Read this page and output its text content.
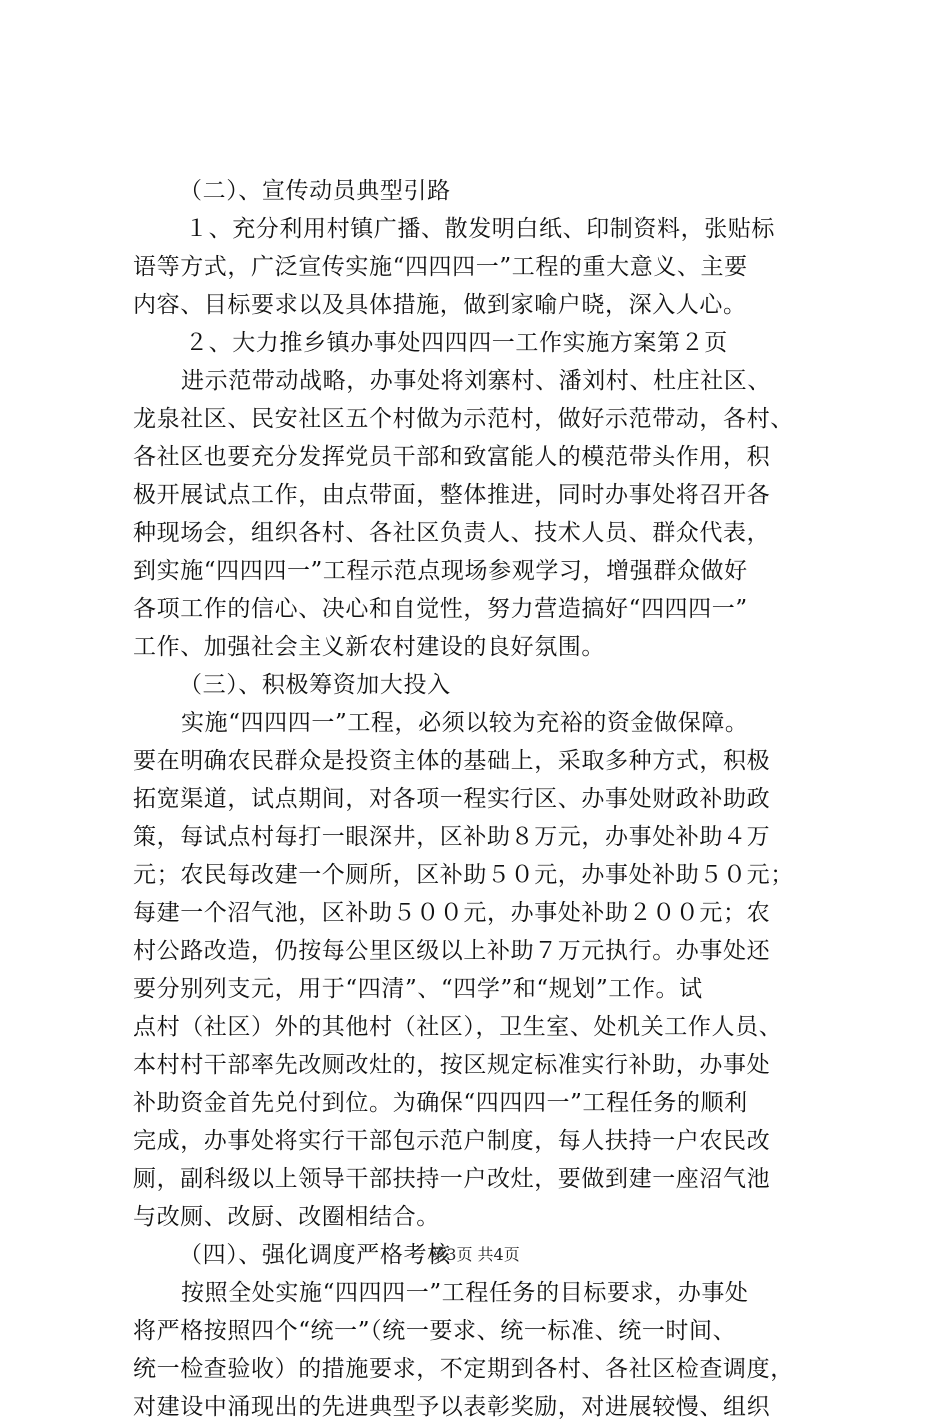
（二）、宣传动员典型引路
１、充分利用村镇广播、散发明白纸、印制资料，张贴标
语等方式，广泛宣传实施“四四四一”工程的重大意义、主要
内容、目标要求以及具体措施，做到家喻户晓，深入人心。
２、大力推乡镇办事处四四四一工作实施方案第２页
进示范带动战略，办事处将刘寨村、潘刘村、杜庄社区、
龙泉社区、民安社区五个村做为示范村，做好示范带动，各村、
各社区也要充分发挥党员干部和致富能人的模范带头作用，积
极开展试点工作，由点带面，整体推进，同时办事处将召开各
种现场会，组织各村、各社区负责人、技术人员、群众代表，
到实施“四四四一”工程示范点现场参观学习，增强群众做好
各项工作的信心、决心和自觉性，努力营造搞好“四四四一”
工作、加强社会主义新农村建设的良好氛围。
（三）、积极筹资加大投入
实施“四四四一”工程，必须以较为充裕的资金做保障。
要在明确农民群众是投资主体的基础上，采取多种方式，积极
拓宽渠道，试点期间，对各项一程实行区、办事处财政补助政
策，每试点村每打一眼深井，区补助８万元，办事处补助４万
元；农民每改建一个厕所，区补助５０元，办事处补助５０元；
每建一个沼气池，区补助５００元，办事处补助２００元；农
村公路改造，仍按每公里区级以上补助７万元执行。办事处还
要分别列支元，用于“四清”、“四学”和“规划”工作。试
点村（社区）外的其他村（社区），卫生室、处机关工作人员、
本村村干部率先改厕改灶的，按区规定标准实行补助，办事处
补助资金首先兑付到位。为确保“四四四一”工程任务的顺利
完成，办事处将实行干部包示范户制度，每人扶持一户农民改
厕，副科级以上领导干部扶持一户改灶，要做到建一座沼气池
与改厕、改厨、改圈相结合。
（四）、强化调度严格考核
按照全处实施“四四四一”工程任务的目标要求，办事处
将严格按照四个“统一”（统一要求、统一标准、统一时间、
统一检查验收）的措施要求，不定期到各村、各社区检查调度，
对建设中涌现出的先进典型予以表彰奖励，对进展较慢、组织
第3页 共4页
